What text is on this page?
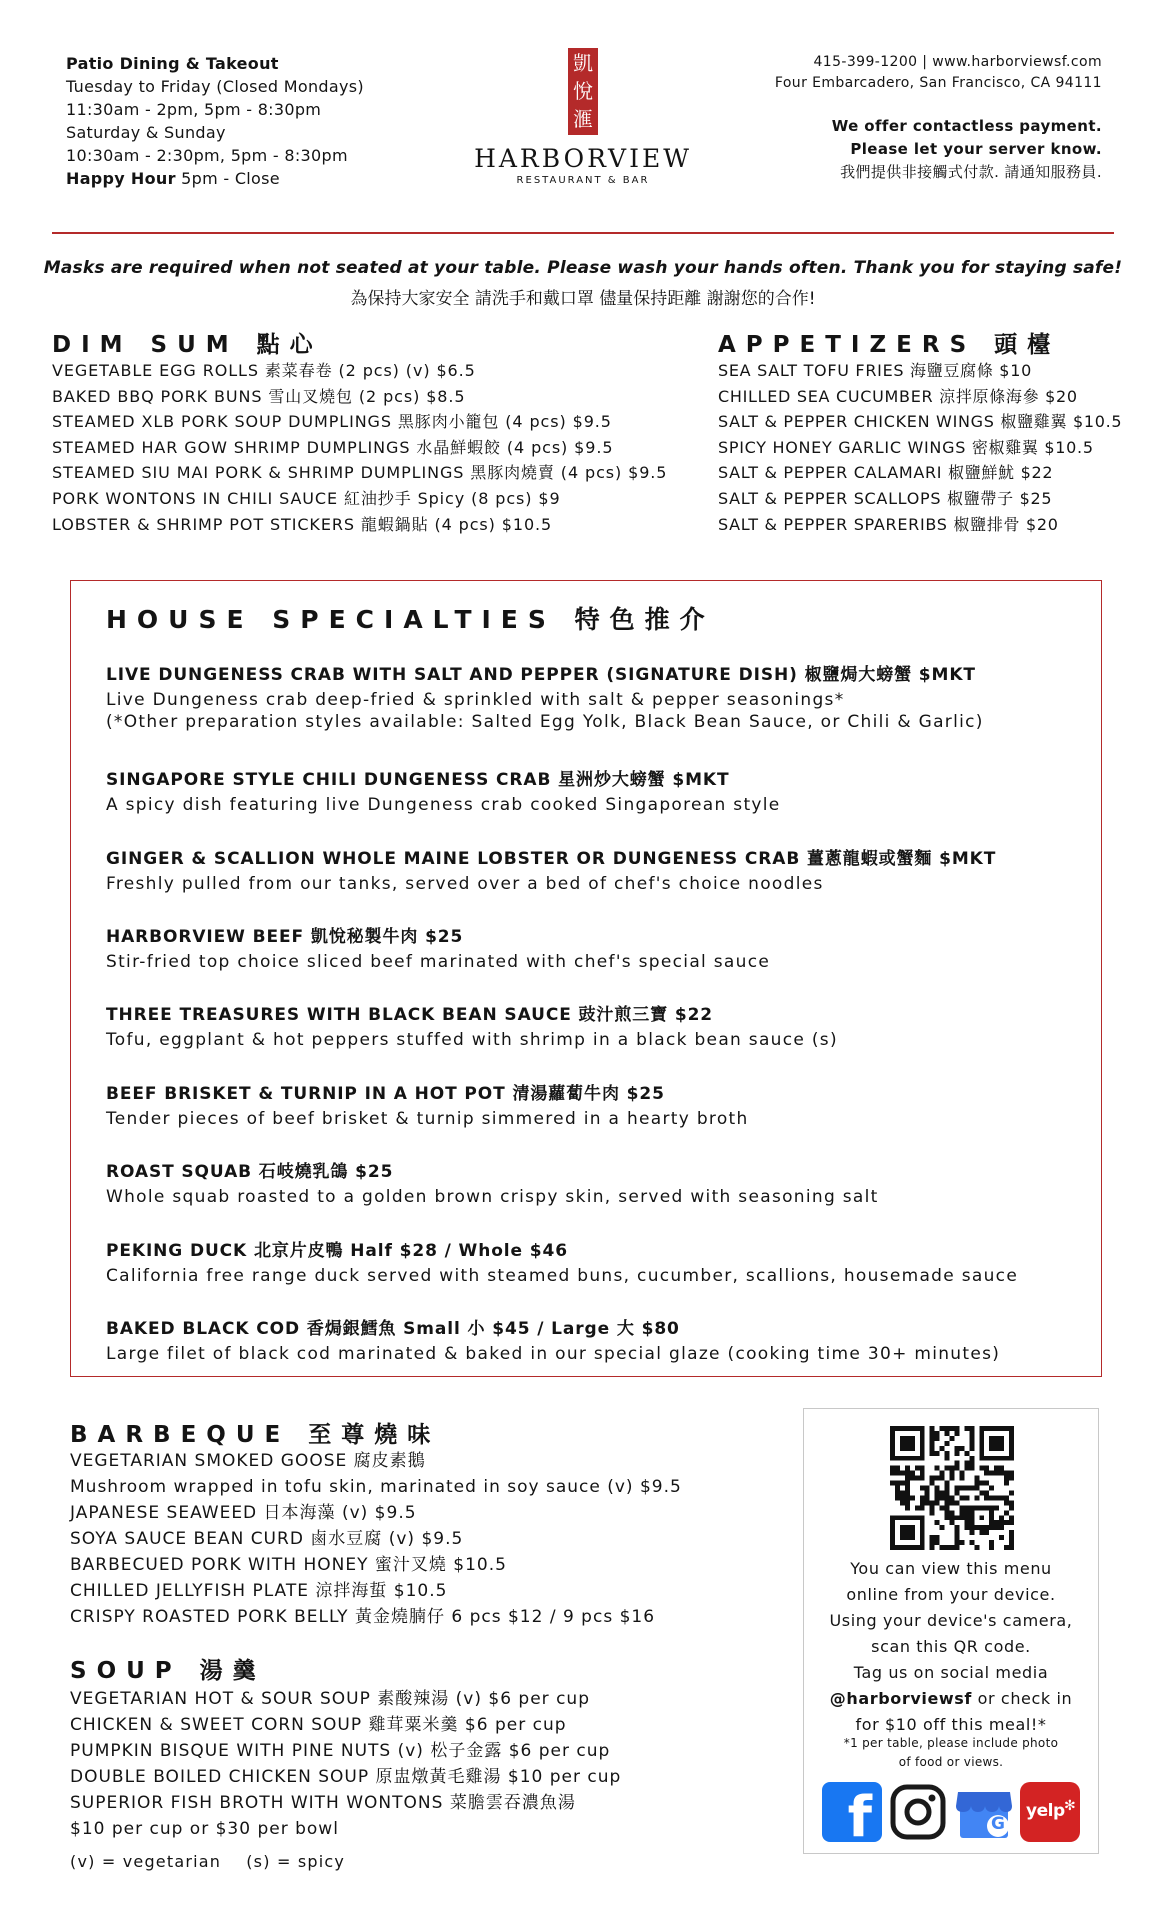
Patio Dining & Takeout
Tuesday to Friday (Closed Mondays)
11:30am - 2pm, 5pm - 8:30pm
Saturday & Sunday
10:30am - 2:30pm, 5pm - 8:30pm
Happy Hour 5pm - Close
凱
悅
滙
HARBORVIEW
RESTAURANT & BAR
415-399-1200 | www.harborviewsf.com
Four Embarcadero, San Francisco, CA 94111
We offer contactless payment.
Please let your server know.
我們提供非接觸式付款. 請通知服務員.
Masks are required when not seated at your table. Please wash your hands often. Thank you for staying safe!
為保持大家安全 請洗手和戴口罩 儘量保持距離 謝謝您的合作!
DIM SUM 點心
VEGETABLE EGG ROLLS 素菜春卷 (2 pcs) (v) $6.5
BAKED BBQ PORK BUNS 雪山叉燒包 (2 pcs) $8.5
STEAMED XLB PORK SOUP DUMPLINGS 黑豚肉小籠包 (4 pcs) $9.5
STEAMED HAR GOW SHRIMP DUMPLINGS 水晶鮮蝦餃 (4 pcs) $9.5
STEAMED SIU MAI PORK & SHRIMP DUMPLINGS 黑豚肉燒賣 (4 pcs) $9.5
PORK WONTONS IN CHILI SAUCE 紅油抄手 Spicy (8 pcs) $9
LOBSTER & SHRIMP POT STICKERS 龍蝦鍋貼 (4 pcs) $10.5
APPETIZERS 頭檯
SEA SALT TOFU FRIES 海鹽豆腐條 $10
CHILLED SEA CUCUMBER 涼拌原條海參 $20
SALT & PEPPER CHICKEN WINGS 椒鹽雞翼 $10.5
SPICY HONEY GARLIC WINGS 密椒雞翼 $10.5
SALT & PEPPER CALAMARI 椒鹽鮮魷 $22
SALT & PEPPER SCALLOPS 椒鹽帶子 $25
SALT & PEPPER SPARERIBS 椒鹽排骨 $20
HOUSE SPECIALTIES 特色推介
LIVE DUNGENESS CRAB WITH SALT AND PEPPER (SIGNATURE DISH) 椒鹽焗大螃蟹 $MKT
Live Dungeness crab deep-fried & sprinkled with salt & pepper seasonings*
(*Other preparation styles available: Salted Egg Yolk, Black Bean Sauce, or Chili & Garlic)
SINGAPORE STYLE CHILI DUNGENESS CRAB 星洲炒大螃蟹 $MKT
A spicy dish featuring live Dungeness crab cooked Singaporean style
GINGER & SCALLION WHOLE MAINE LOBSTER OR DUNGENESS CRAB 薑蔥龍蝦或蟹麵 $MKT
Freshly pulled from our tanks, served over a bed of chef's choice noodles
HARBORVIEW BEEF 凱悅秘製牛肉 $25
Stir-fried top choice sliced beef marinated with chef's special sauce
THREE TREASURES WITH BLACK BEAN SAUCE 豉汁煎三寶 $22
Tofu, eggplant & hot peppers stuffed with shrimp in a black bean sauce (s)
BEEF BRISKET & TURNIP IN A HOT POT 清湯蘿蔔牛肉 $25
Tender pieces of beef brisket & turnip simmered in a hearty broth
ROAST SQUAB 石岐燒乳鴿 $25
Whole squab roasted to a golden brown crispy skin, served with seasoning salt
PEKING DUCK 北京片皮鴨 Half $28 / Whole $46
California free range duck served with steamed buns, cucumber, scallions, housemade sauce
BAKED BLACK COD 香焗銀鱈魚 Small 小 $45 / Large 大 $80
Large filet of black cod marinated & baked in our special glaze (cooking time 30+ minutes)
BARBEQUE 至尊燒味
VEGETARIAN SMOKED GOOSE 腐皮素鵝
Mushroom wrapped in tofu skin, marinated in soy sauce (v) $9.5
JAPANESE SEAWEED 日本海藻 (v) $9.5
SOYA SAUCE BEAN CURD 鹵水豆腐 (v) $9.5
BARBECUED PORK WITH HONEY 蜜汁叉燒 $10.5
CHILLED JELLYFISH PLATE 涼拌海蜇 $10.5
CRISPY ROASTED PORK BELLY 黃金燒腩仔 6 pcs $12 / 9 pcs $16
SOUP 湯羹
VEGETARIAN HOT & SOUR SOUP 素酸辣湯 (v) $6 per cup
CHICKEN & SWEET CORN SOUP 雞茸粟米羹 $6 per cup
PUMPKIN BISQUE WITH PINE NUTS (v) 松子金露 $6 per cup
DOUBLE BOILED CHICKEN SOUP 原盅燉黃毛雞湯 $10 per cup
SUPERIOR FISH BROTH WITH WONTONS 菜膽雲吞濃魚湯
$10 per cup or $30 per bowl
(v) = vegetarian    (s) = spicy
You can view this menu
online from your device.
Using your device's camera,
scan this QR code.
Tag us on social media
@harborviewsf or check in
for $10 off this meal!*
*1 per table, please include photo
of food or views.
f	G
yelp ✻
